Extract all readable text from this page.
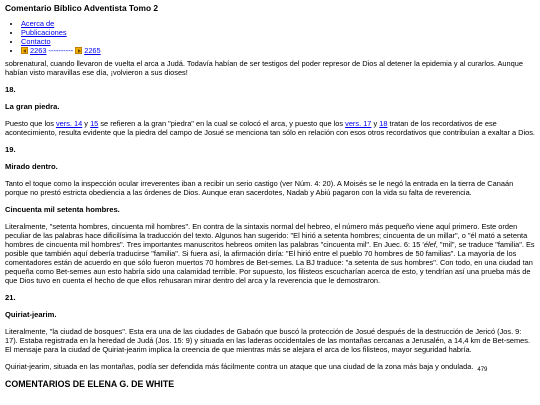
Comentario Bíblico Adventista Tomo 2
• Acerca de
• Publicaciones
• Contacto
• 2263 ---------- 2265

sobrenatural, cuando llevaron de vuelta el arca a Judá. Todavía habían de ser testigos del poder represor de Dios al detener la epidemia y al curarlos. Aunque habían visto maravillas ese día, ¡volvieron a sus dioses!

18.

La gran piedra.

Puesto que los vers. 14 y 15 se refieren a la gran "piedra" en la cual se colocó el arca, y puesto que los vers. 17 y 18 tratan de los recordativos de ese acontecimiento, resulta evidente que la piedra del campo de Josué se menciona tan sólo en relación con esos otros recordativos que contribuían a exaltar a Dios.

19.

Mirado dentro.

Tanto el toque como la inspección ocular irreverentes iban a recibir un serio castigo (ver Núm. 4: 20). A Moisés se le negó la entrada en la tierra de Canaán porque no prestó estricta obediencia a las órdenes de Dios. Aunque eran sacerdotes, Nadab y Abiú pagaron con la vida su falta de reverencia.

Cincuenta mil setenta hombres.

Literalmente, "setenta hombres, cincuenta mil hombres". En contra de la sintaxis normal del hebreo, el número más pequeño viene aquí primero. Este orden peculiar de las palabras hace dificilísima la traducción del texto. Algunos han sugerido: "El hirió a setenta hombres; cincuenta de un millar", o "él mató a setenta hombres de cincuenta mil hombres". Tres importantes manuscritos hebreos omiten las palabras "cincuenta mil". En Juec. 6: 15 'élef, "mil", se traduce "familia". Es posible que también aquí debería traducirse "familia". Si fuera así, la afirmación diría: "El hirió entre el pueblo 70 hombres de 50 familias". La mayoría de los comentadores están de acuerdo en que sólo fueron muertos 70 hombres de Bet-semes. La BJ traduce: "a setenta de sus hombres". Con todo, en una ciudad tan pequeña como Bet-semes aun esto habría sido una calamidad terrible. Por supuesto, los filisteos escucharían acerca de esto, y tendrían así una prueba más de que Dios tuvo en cuenta el hecho de que ellos rehusaran mirar dentro del arca y la reverencia que le demostraron.

21.

Quiriat-jearim.

Literalmente, "la ciudad de bosques". Esta era una de las ciudades de Gabaón que buscó la protección de Josué después de la destrucción de Jericó (Jos. 9: 17). Estaba registrada en la heredad de Judá (Jos. 15: 9) y situada en las laderas occidentales de las montañas cercanas a Jerusalén, a 14,4 km de Bet-semes. El mensaje para la ciudad de Quiriat-jearim implica la creencia de que mientras más se alejara el arca de los filisteos, mayor seguridad habría.

Quiriat-jearim, situada en las montañas, podía ser defendida más fácilmente contra un ataque que una ciudad de la zona más baja y ondulada. $_{479}$

COMENTARIOS DE ELENA G. DE WHITE
